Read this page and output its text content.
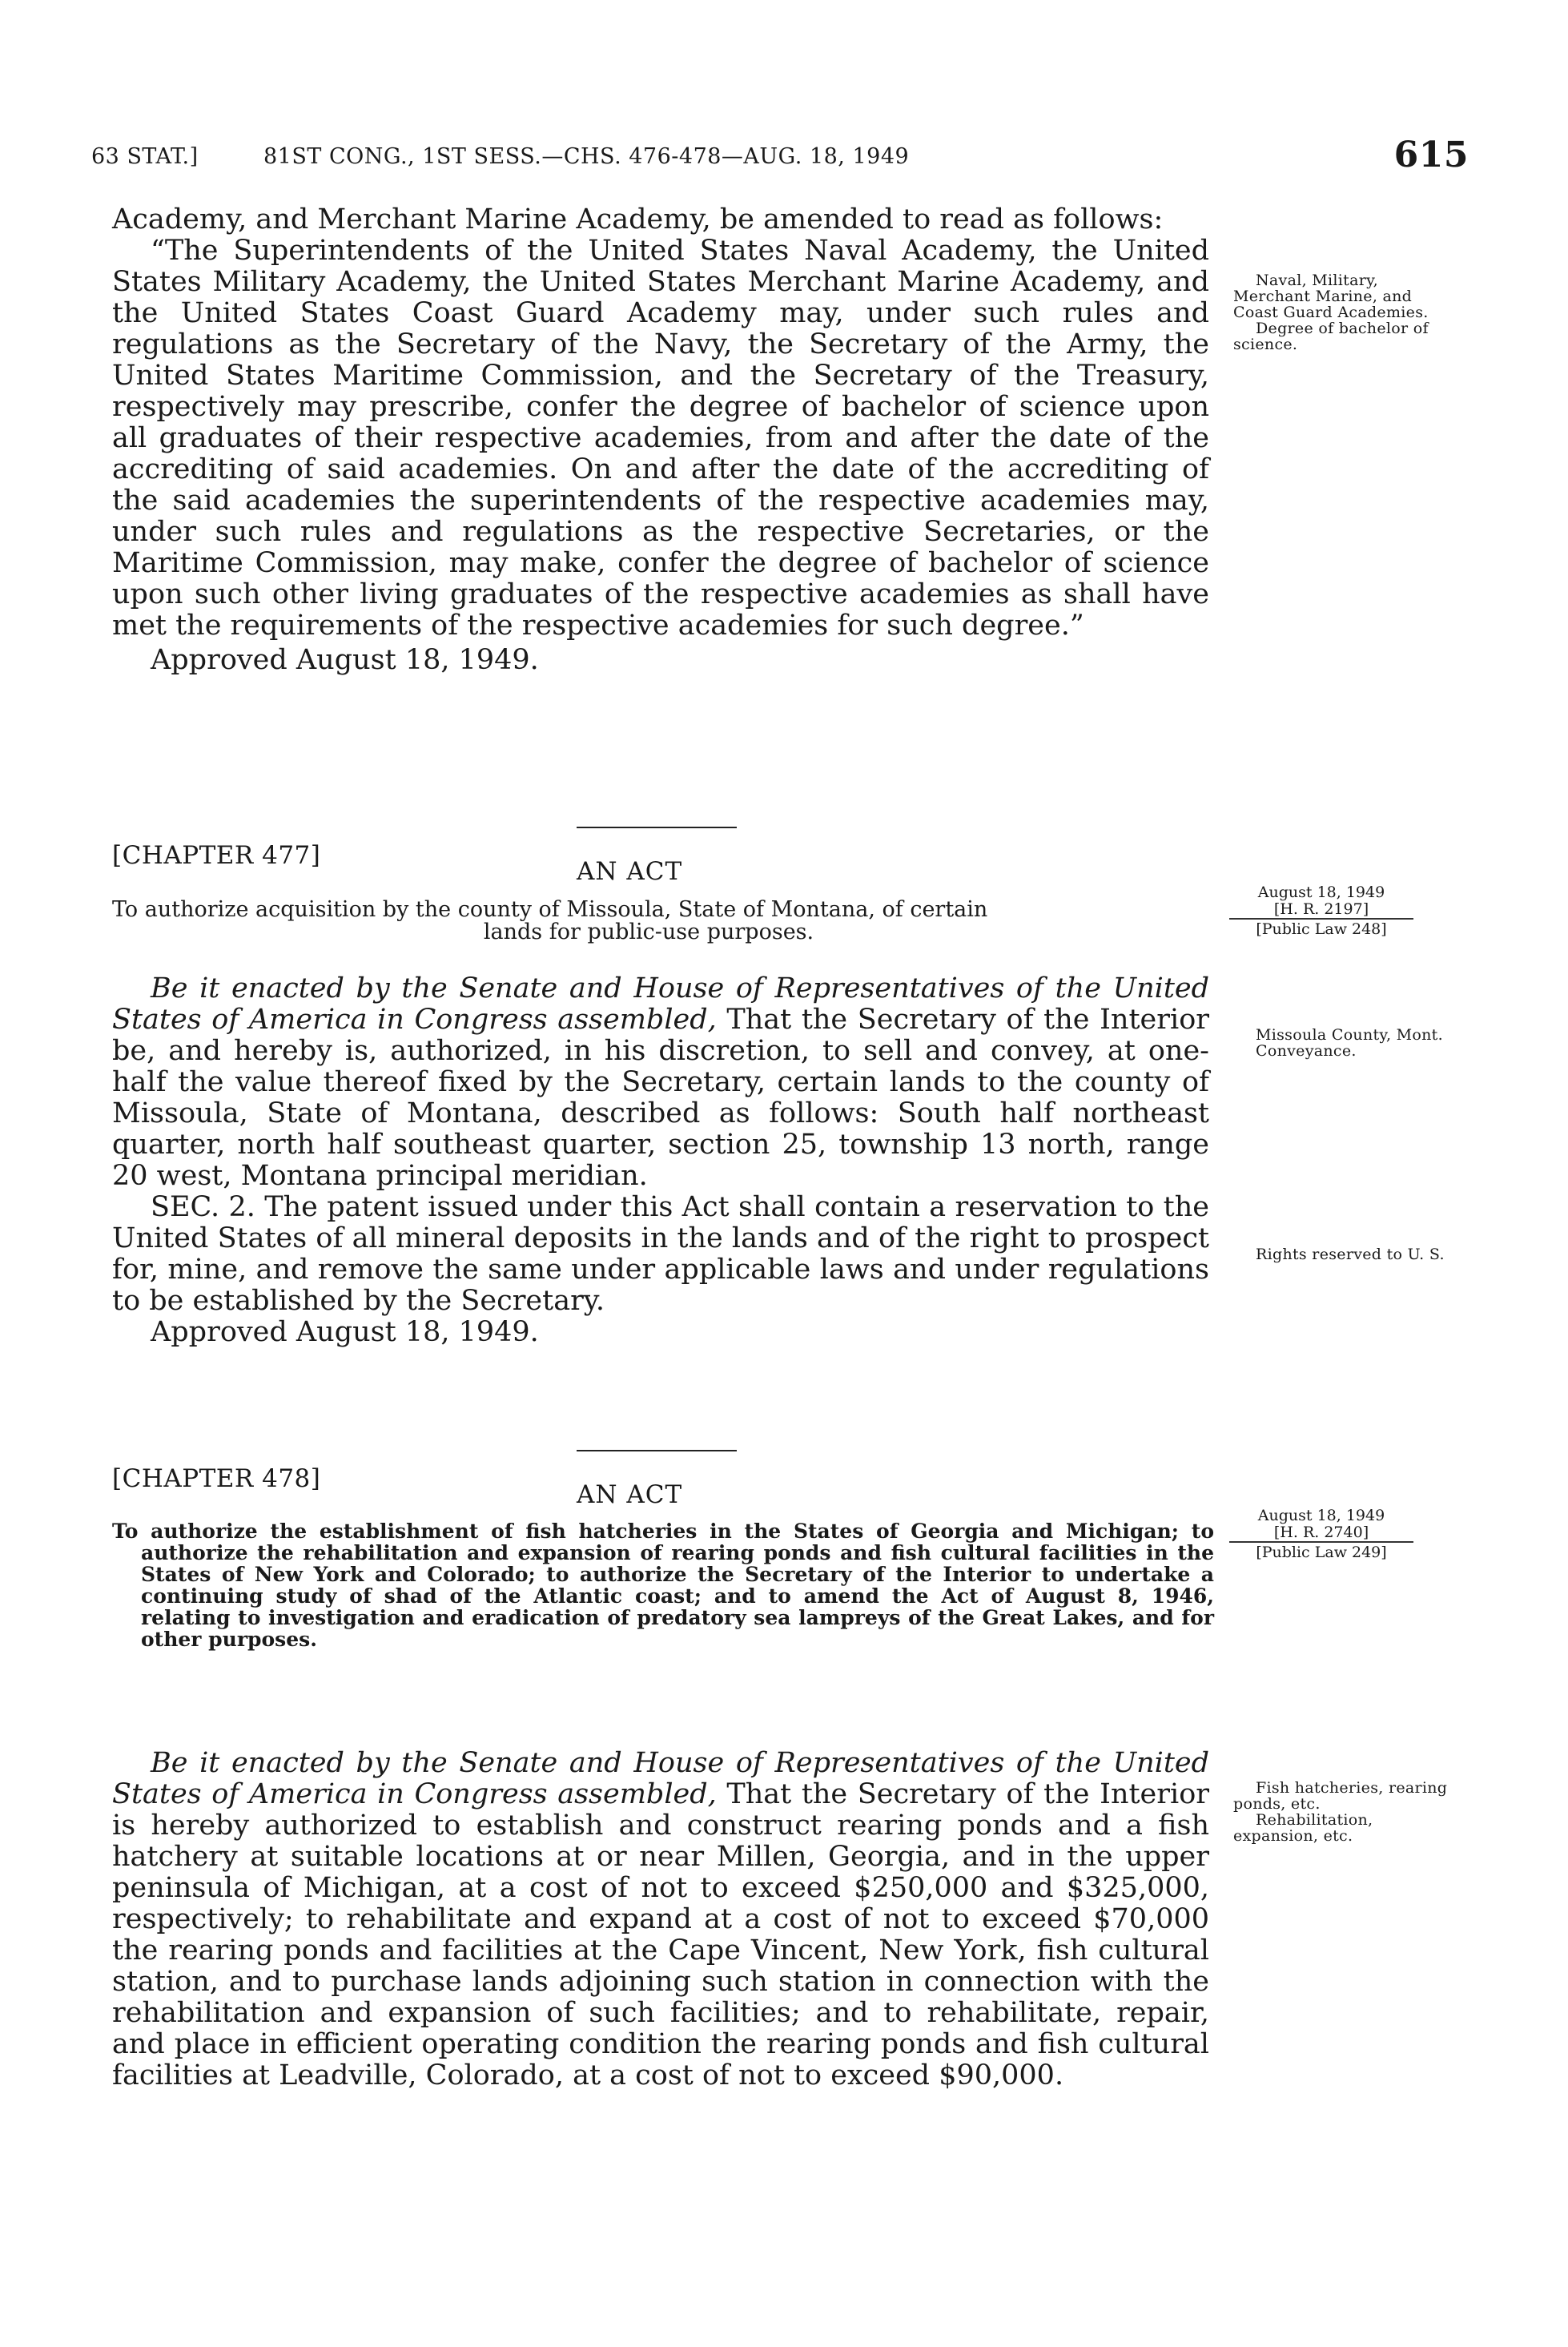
63 STAT.]	81ST CONG., 1ST SESS.—CHS. 476-478—AUG. 18, 1949	615

Academy, and Merchant Marine Academy, be amended to read as follows:

“The Superintendents of the United States Naval Academy, the United States Military Academy, the United States Merchant Marine Academy, and the United States Coast Guard Academy may, under such rules and regulations as the Secretary of the Navy, the Secretary of the Army, the United States Maritime Commission, and the Secretary of the Treasury, respectively may prescribe, confer the degree of bachelor of science upon all graduates of their respective academies, from and after the date of the accrediting of said academies. On and after the date of the accrediting of the said academies the superintendents of the respective academies may, under such rules and regulations as the respective Secretaries, or the Maritime Commission, may make, confer the degree of bachelor of science upon such other living graduates of the respective academies as shall have met the requirements of the respective academies for such degree.”

Approved August 18, 1949.

Naval, Military, Merchant Marine, and Coast Guard Academies.

Degree of bachelor of science.

[CHAPTER 477]
AN ACT
To authorize acquisition by the county of Missoula, State of Montana, of certain
lands for public-use purposes.
August 18, 1949
[H. R. 2197]
[Public Law 248]

Be it enacted by the Senate and House of Representatives of the United States of America in Congress assembled, That the Secretary of the Interior be, and hereby is, authorized, in his discretion, to sell and convey, at one-half the value thereof fixed by the Secretary, certain lands to the county of Missoula, State of Montana, described as follows: South half northeast quarter, north half southeast quarter, section 25, township 13 north, range 20 west, Montana principal meridian.

SEC. 2. The patent issued under this Act shall contain a reservation to the United States of all mineral deposits in the lands and of the right to prospect for, mine, and remove the same under applicable laws and under regulations to be established by the Secretary.

Approved August 18, 1949.

Missoula County, Mont.

Conveyance.

Rights reserved to U. S.

[CHAPTER 478]
AN ACT
To authorize the establishment of fish hatcheries in the States of Georgia and Michigan; to authorize the rehabilitation and expansion of rearing ponds and fish cultural facilities in the States of New York and Colorado; to authorize the Secretary of the Interior to undertake a continuing study of shad of the Atlantic coast; and to amend the Act of August 8, 1946, relating to investigation and eradication of predatory sea lampreys of the Great Lakes, and for other purposes.
August 18, 1949
[H. R. 2740]
[Public Law 249]

Be it enacted by the Senate and House of Representatives of the United States of America in Congress assembled, That the Secretary of the Interior is hereby authorized to establish and construct rearing ponds and a fish hatchery at suitable locations at or near Millen, Georgia, and in the upper peninsula of Michigan, at a cost of not to exceed $250,000 and $325,000, respectively; to rehabilitate and expand at a cost of not to exceed $70,000 the rearing ponds and facilities at the Cape Vincent, New York, fish cultural station, and to purchase lands adjoining such station in connection with the rehabilitation and expansion of such facilities; and to rehabilitate, repair, and place in efficient operating condition the rearing ponds and fish cultural facilities at Leadville, Colorado, at a cost of not to exceed $90,000.

Fish hatcheries, rearing ponds, etc.

Rehabilitation, expansion, etc.
